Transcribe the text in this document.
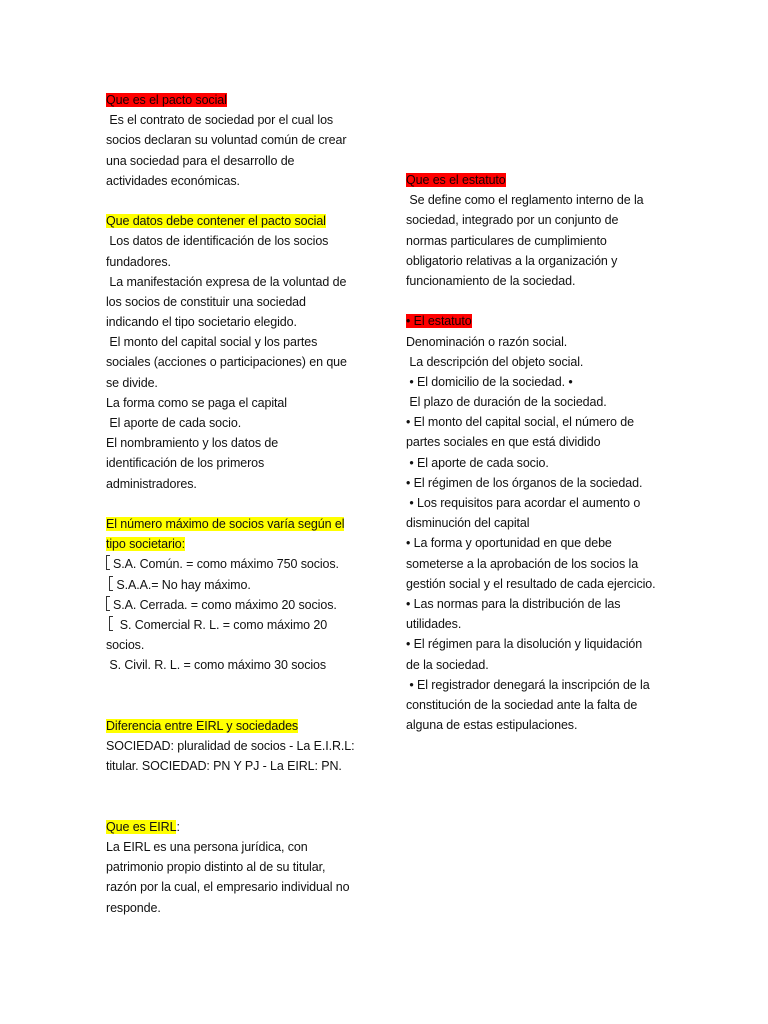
Que es el pacto social
Es el contrato de sociedad por el cual los
socios declaran su voluntad común de crear
una sociedad para el desarrollo de
actividades económicas.
Que datos debe contener el pacto social
Los datos de identificación de los socios
fundadores.
La manifestación expresa de la voluntad de
los socios de constituir una sociedad
indicando el tipo societario elegido.
El monto del capital social y los partes
sociales (acciones o participaciones) en que
se divide.
La forma como se paga el capital
El aporte de cada socio.
El nombramiento y los datos de
identificación de los primeros
administradores.
El número máximo de socios varía según el
tipo societario:
S.A. Común. = como máximo 750 socios.
S.A.A.= No hay máximo.
S.A. Cerrada. = como máximo 20 socios.
S. Comercial R. L. = como máximo 20
socios.
S. Civil. R. L. = como máximo 30 socios
Diferencia entre EIRL y sociedades
SOCIEDAD: pluralidad de socios - La E.I.R.L:
titular. SOCIEDAD: PN Y PJ - La EIRL: PN.
Que es EIRL:
La EIRL es una persona jurídica, con
patrimonio propio distinto al de su titular,
razón por la cual, el empresario individual no
responde.
Que es el estatuto
Se define como el reglamento interno de la
sociedad, integrado por un conjunto de
normas particulares de cumplimiento
obligatorio relativas a la organización y
funcionamiento de la sociedad.
• El estatuto
Denominación o razón social.
La descripción del objeto social.
• El domicilio de la sociedad. •
El plazo de duración de la sociedad.
• El monto del capital social, el número de
partes sociales en que está dividido
• El aporte de cada socio.
• El régimen de los órganos de la sociedad.
• Los requisitos para acordar el aumento o
disminución del capital
• La forma y oportunidad en que debe
someterse a la aprobación de los socios la
gestión social y el resultado de cada ejercicio.
• Las normas para la distribución de las
utilidades.
• El régimen para la disolución y liquidación
de la sociedad.
• El registrador denegará la inscripción de la
constitución de la sociedad ante la falta de
alguna de estas estipulaciones.
